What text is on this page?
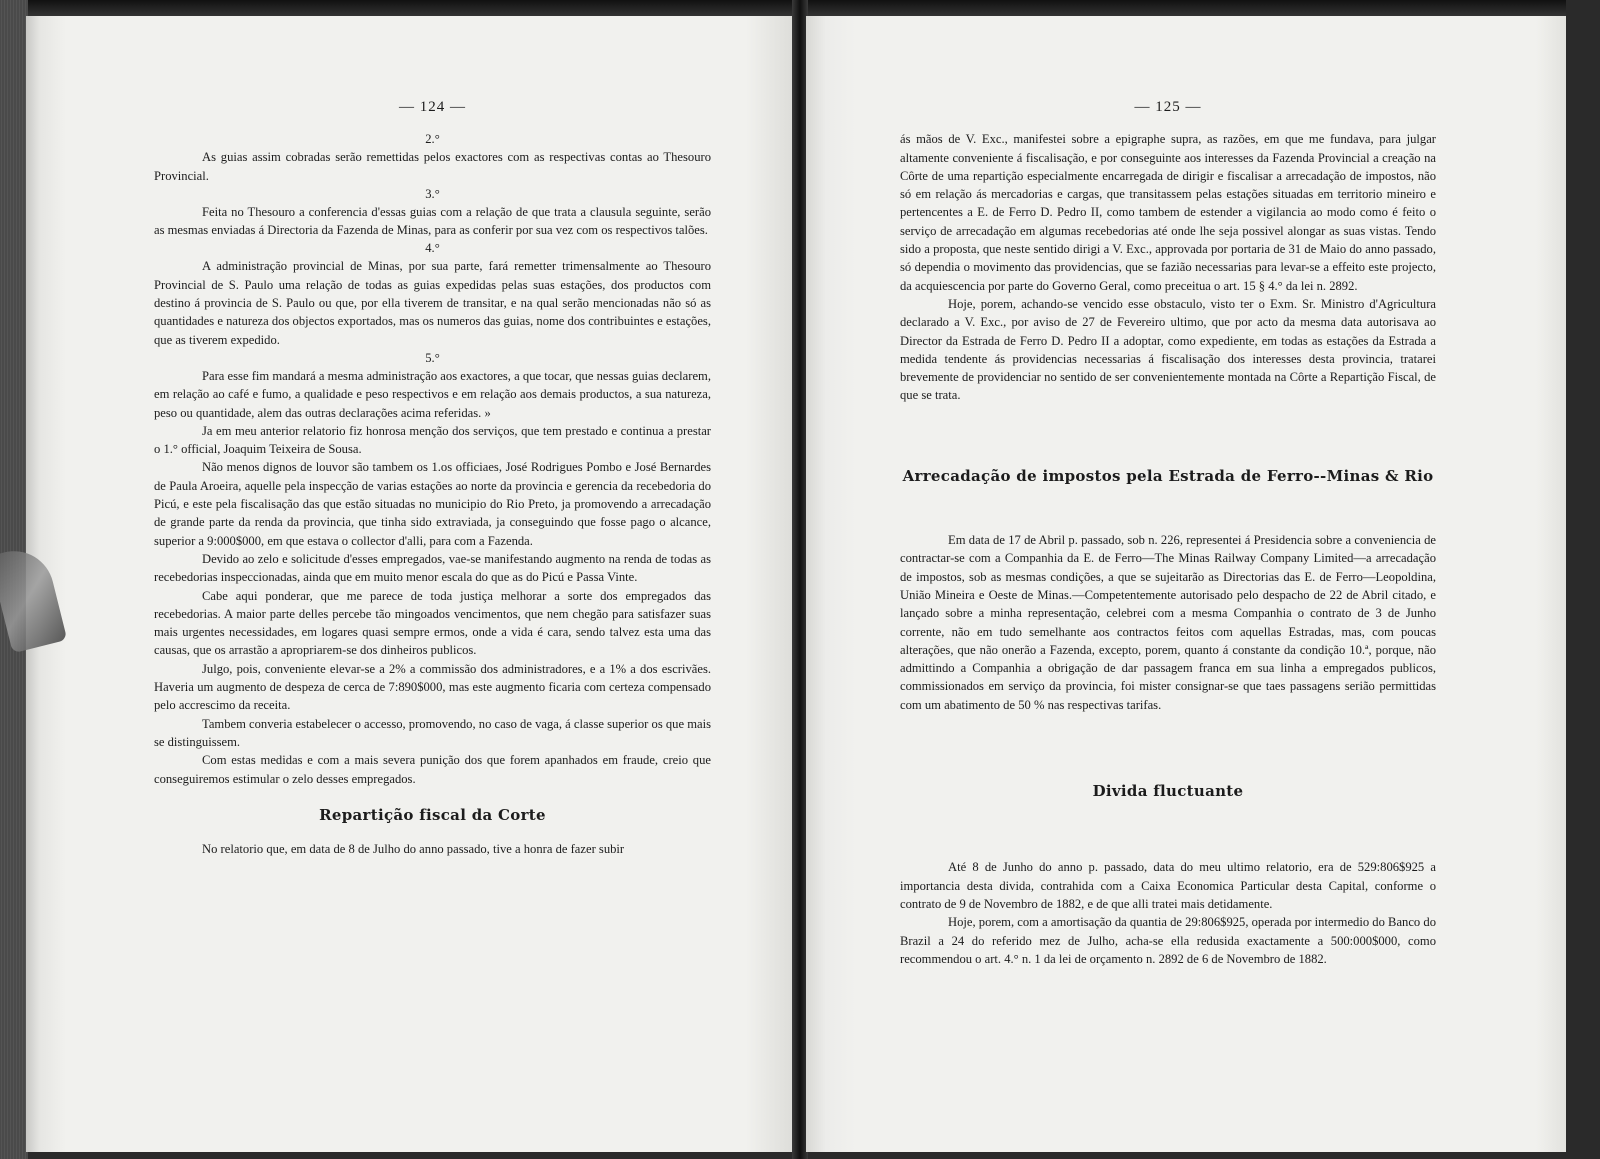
— 124 —
2.°

As guias assim cobradas serão remettidas pelos exactores com as respectivas contas ao Thesouro Provincial.

3.°

Feita no Thesouro a conferencia d'essas guias com a relação de que trata a clausula seguinte, serão as mesmas enviadas á Directoria da Fazenda de Minas, para as conferir por sua vez com os respectivos talões.

4.°

A administração provincial de Minas, por sua parte, fará remetter trimensalmente ao Thesouro Provincial de S. Paulo uma relação de todas as guias expedidas pelas suas estações, dos productos com destino á provincia de S. Paulo ou que, por ella tiverem de transitar, e na qual serão mencionadas não só as quantidades e natureza dos objectos exportados, mas os numeros das guias, nome dos contribuintes e estações, que as tiverem expedido.

5.°

Para esse fim mandará a mesma administração aos exactores, a que tocar, que nessas guias declarem, em relação ao café e fumo, a qualidade e peso respectivos e em relação aos demais productos, a sua natureza, peso ou quantidade, alem das outras declarações acima referidas. »

Ja em meu anterior relatorio fiz honrosa menção dos serviços, que tem prestado e continua a prestar o 1.° official, Joaquim Teixeira de Sousa.

Não menos dignos de louvor são tambem os 1.os officiaes, José Rodrigues Pombo e José Bernardes de Paula Aroeira, aquelle pela inspecção de varias estações ao norte da provincia e gerencia da recebedoria do Picú, e este pela fiscalisação das que estão situadas no municipio do Rio Preto, ja promovendo a arrecadação de grande parte da renda da provincia, que tinha sido extraviada, ja conseguindo que fosse pago o alcance, superior a 9:000$000, em que estava o collector d'alli, para com a Fazenda.

Devido ao zelo e solicitude d'esses empregados, vae-se manifestando augmento na renda de todas as recebedorias inspeccionadas, ainda que em muito menor escala do que as do Picú e Passa Vinte.

Cabe aqui ponderar, que me parece de toda justiça melhorar a sorte dos empregados das recebedorias. A maior parte delles percebe tão mingoados vencimentos, que nem chegão para satisfazer suas mais urgentes necessidades, em logares quasi sempre ermos, onde a vida é cara, sendo talvez esta uma das causas, que os arrastão a apropriarem-se dos dinheiros publicos.

Julgo, pois, conveniente elevar-se a 2% a commissão dos administradores, e a 1% a dos escrivães. Haveria um augmento de despeza de cerca de 7:890$000, mas este augmento ficaria com certeza compensado pelo accrescimo da receita.

Tambem converia estabelecer o accesso, promovendo, no caso de vaga, á classe superior os que mais se distinguissem.

Com estas medidas e com a mais severa punição dos que forem apanhados em fraude, creio que conseguiremos estimular o zelo desses empregados.

Repartição fiscal da Corte

No relatorio que, em data de 8 de Julho do anno passado, tive a honra de fazer subir

— 125 —

ás mãos de V. Exc., manifestei sobre a epigraphe supra, as razões, em que me fundava, para julgar altamente conveniente á fiscalisação, e por conseguinte aos interesses da Fazenda Provincial a creação na Côrte de uma repartição especialmente encarregada de dirigir e fiscalisar a arrecadação de impostos, não só em relação ás mercadorias e cargas, que transitassem pelas estações situadas em territorio mineiro e pertencentes a E. de Ferro D. Pedro II, como tambem de estender a vigilancia ao modo como é feito o serviço de arrecadação em algumas recebedorias até onde lhe seja possivel alongar as suas vistas. Tendo sido a proposta, que neste sentido dirigi a V. Exc., approvada por portaria de 31 de Maio do anno passado, só dependia o movimento das providencias, que se fazião necessarias para levar-se a effeito este projecto, da acquiescencia por parte do Governo Geral, como preceitua o art. 15 § 4.° da lei n. 2892.

Hoje, porem, achando-se vencido esse obstaculo, visto ter o Exm. Sr. Ministro d'Agricultura declarado a V. Exc., por aviso de 27 de Fevereiro ultimo, que por acto da mesma data autorisava ao Director da Estrada de Ferro D. Pedro II a adoptar, como expediente, em todas as estações da Estrada a medida tendente ás providencias necessarias á fiscalisação dos interesses desta provincia, tratarei brevemente de providenciar no sentido de ser convenientemente montada na Côrte a Repartição Fiscal, de que se trata.

Arrecadação de impostos pela Estrada de Ferro--Minas & Rio

Em data de 17 de Abril p. passado, sob n. 226, representei á Presidencia sobre a conveniencia de contractar-se com a Companhia da E. de Ferro—The Minas Railway Company Limited—a arrecadação de impostos, sob as mesmas condições, a que se sujeitarão as Directorias das E. de Ferro—Leopoldina, União Mineira e Oeste de Minas.—Competentemente autorisado pelo despacho de 22 de Abril citado, e lançado sobre a minha representação, celebrei com a mesma Companhia o contrato de 3 de Junho corrente, não em tudo semelhante aos contractos feitos com aquellas Estradas, mas, com poucas alterações, que não onerão a Fazenda, excepto, porem, quanto á constante da condição 10.ª, porque, não admittindo a Companhia a obrigação de dar passagem franca em sua linha a empregados publicos, commissionados em serviço da provincia, foi mister consignar-se que taes passagens serião permittidas com um abatimento de 50 % nas respectivas tarifas.

Divida fluctuante

Até 8 de Junho do anno p. passado, data do meu ultimo relatorio, era de 529:806$925 a importancia desta divida, contrahida com a Caixa Economica Particular desta Capital, conforme o contrato de 9 de Novembro de 1882, e de que alli tratei mais detidamente.

Hoje, porem, com a amortisação da quantia de 29:806$925, operada por intermedio do Banco do Brazil a 24 do referido mez de Julho, acha-se ella redusida exactamente a 500:000$000, como recommendou o art. 4.° n. 1 da lei de orçamento n. 2892 de 6 de Novembro de 1882.
